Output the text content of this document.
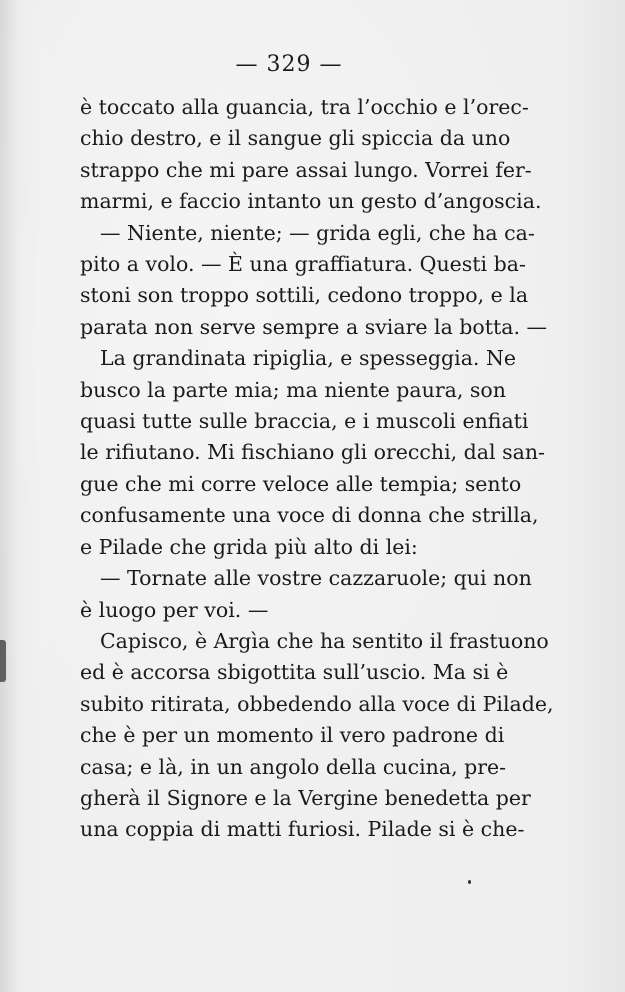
— 329 —
è toccato alla guancia, tra l’occhio e l’orec-
chio destro, e il sangue gli spiccia da uno
strappo che mi pare assai lungo. Vorrei fer-
marmi, e faccio intanto un gesto d’angoscia.
— Niente, niente; — grida egli, che ha ca-
pito a volo. — È una graffiatura. Questi ba-
stoni son troppo sottili, cedono troppo, e la
parata non serve sempre a sviare la botta. —
La grandinata ripiglia, e spesseggia. Ne
busco la parte mia; ma niente paura, son
quasi tutte sulle braccia, e i muscoli enfiati
le rifiutano. Mi fischiano gli orecchi, dal san-
gue che mi corre veloce alle tempia; sento
confusamente una voce di donna che strilla,
e Pilade che grida più alto di lei:
— Tornate alle vostre cazzaruole; qui non
è luogo per voi. —
Capisco, è Argìa che ha sentito il frastuono
ed è accorsa sbigottita sull’uscio. Ma si è
subito ritirata, obbedendo alla voce di Pilade,
che è per un momento il vero padrone di
casa; e là, in un angolo della cucina, pre-
gherà il Signore e la Vergine benedetta per
una coppia di matti furiosi. Pilade si è che-
